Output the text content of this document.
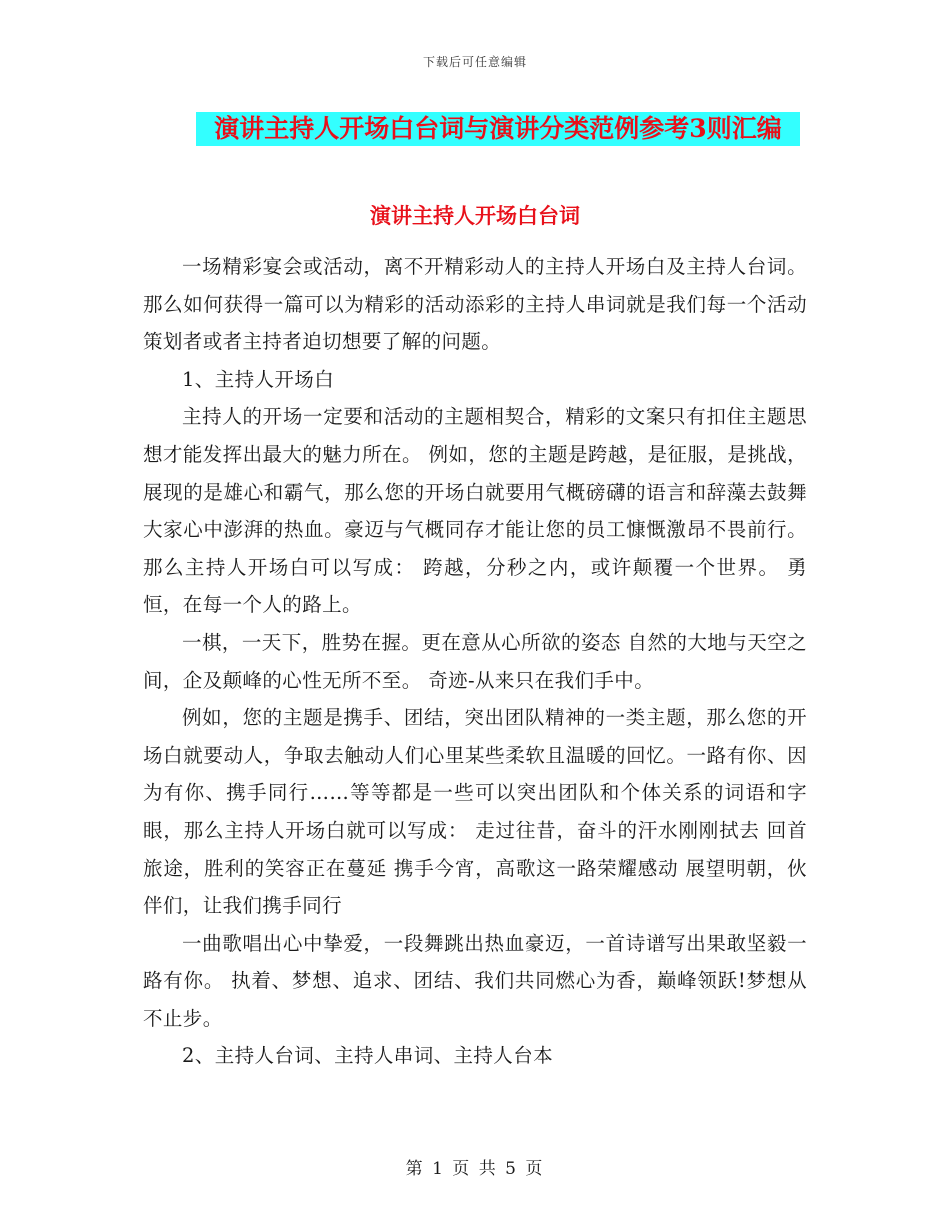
下载后可任意编辑
演讲主持人开场白台词与演讲分类范例参考3则汇编
演讲主持人开场白台词

一场精彩宴会或活动，离不开精彩动人的主持人开场白及主持人台词。那么如何获得一篇可以为精彩的活动添彩的主持人串词就是我们每一个活动策划者或者主持者迫切想要了解的问题。

1、主持人开场白

主持人的开场一定要和活动的主题相契合，精彩的文案只有扣住主题思想才能发挥出最大的魅力所在。 例如，您的主题是跨越，是征服，是挑战，展现的是雄心和霸气，那么您的开场白就要用气概磅礴的语言和辞藻去鼓舞大家心中澎湃的热血。豪迈与气概同存才能让您的员工慷慨激昂不畏前行。那么主持人开场白可以写成： 跨越，分秒之内，或许颠覆一个世界。 勇恒，在每一个人的路上。

一棋，一天下，胜势在握。更在意从心所欲的姿态 自然的大地与天空之间，企及颠峰的心性无所不至。 奇迹-从来只在我们手中。

例如，您的主题是携手、团结，突出团队精神的一类主题，那么您的开场白就要动人，争取去触动人们心里某些柔软且温暖的回忆。一路有你、因为有你、携手同行……等等都是一些可以突出团队和个体关系的词语和字眼，那么主持人开场白就可以写成： 走过往昔，奋斗的汗水刚刚拭去 回首旅途，胜利的笑容正在蔓延 携手今宵，高歌这一路荣耀感动 展望明朝，伙伴们，让我们携手同行

一曲歌唱出心中挚爱，一段舞跳出热血豪迈，一首诗谱写出果敢坚毅一路有你。 执着、梦想、追求、团结、我们共同燃心为香，巅峰领跃!梦想从不止步。

2、主持人台词、主持人串词、主持人台本

第 1 页 共 5 页
